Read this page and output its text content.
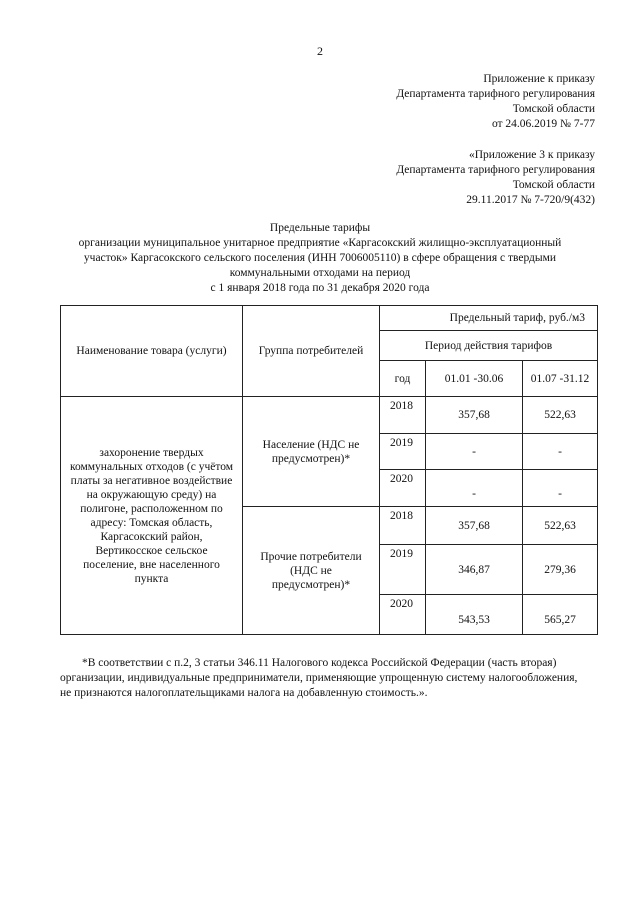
2
Приложение к приказу
Департамента тарифного регулирования
Томской области
от 24.06.2019 № 7-77
«Приложение 3 к приказу
Департамента тарифного регулирования
Томской области
29.11.2017 № 7-720/9(432)
Предельные тарифы
организации муниципальное унитарное предприятие «Каргасокский жилищно-эксплуатационный
участок» Каргасокского сельского поселения (ИНН 7006005110) в сфере обращения с твердыми
коммунальными отходами на период
с 1 января 2018 года по 31 декабря 2020 года
Наименование товара (услуги)	Группа потребителей	Предельный тариф, руб./м3		
		Период действия тарифов		
		год	01.01 -30.06	01.07 -31.12
захоронение твердых коммунальных отходов (с учётом платы за негативное воздействие на окружающую среду) на полигоне, расположенном по адресу: Томская область, Каргасокский район, Вертикосское сельское поселение, вне населенного пункта	Население (НДС не предусмотрен)*	2018	357,68	522,63
		2019	-	-
		2020	-	-
	Прочие потребители (НДС не предусмотрен)*	2018	357,68	522,63
		2019	346,87	279,36
		2020	543,53	565,27
*В соответствии с п.2, 3 статьи 346.11 Налогового кодекса Российской Федерации (часть вторая)
организации, индивидуальные предприниматели, применяющие упрощенную систему налогообложения,
не признаются налогоплательщиками налога на добавленную стоимость.».
